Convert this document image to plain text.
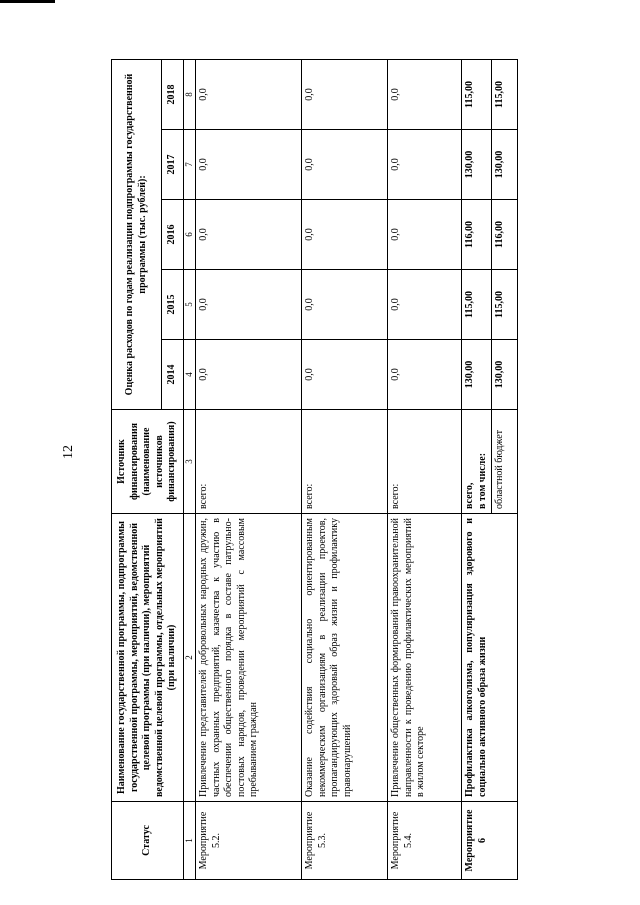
12
Статус	Наименование государственной программы, подпрограммы государственной программы, мероприятий, ведомственной целевой программы (при наличии), мероприятий ведомственной целевой программы, отдельных мероприятий (при наличии)	Источник финансирования (наименование источников финансирования)	Оценка расходов по годам реализации подпрограммы государственной программы (тыс. рублей):				
			2014	2015	2016	2017	2018
1	2	3	4	5	6	7	8
Мероприятие 5.2.	Привлечение представителей добровольных народных дружин, частных охранных предприятий, казачества к участию в обеспечении общественного порядка в составе патрульно-постовых нарядов, проведении мероприятий с массовым пребыванием граждан	всего:	0,0	0,0	0,0	0,0	0,0
Мероприятие 5.3.	Оказание содействия социально ориентированным некоммерческим организациям в реализации проектов, пропагандирующих здоровый образ жизни и профилактику правонарушений	всего:	0,0	0,0	0,0	0,0	0,0
Мероприятие 5.4.	Привлечение общественных формирований правоохранительной направленности к проведению профилактических мероприятий в жилом секторе	всего:	0,0	0,0	0,0	0,0	0,0
Мероприятие 6	Профилактика алкоголизма, популяризация здорового и социально активного образа жизни	всего, в том числе:	130,00	115,00	116,00	130,00	115,00
		областной бюджет	130,00	115,00	116,00	130,00	115,00
